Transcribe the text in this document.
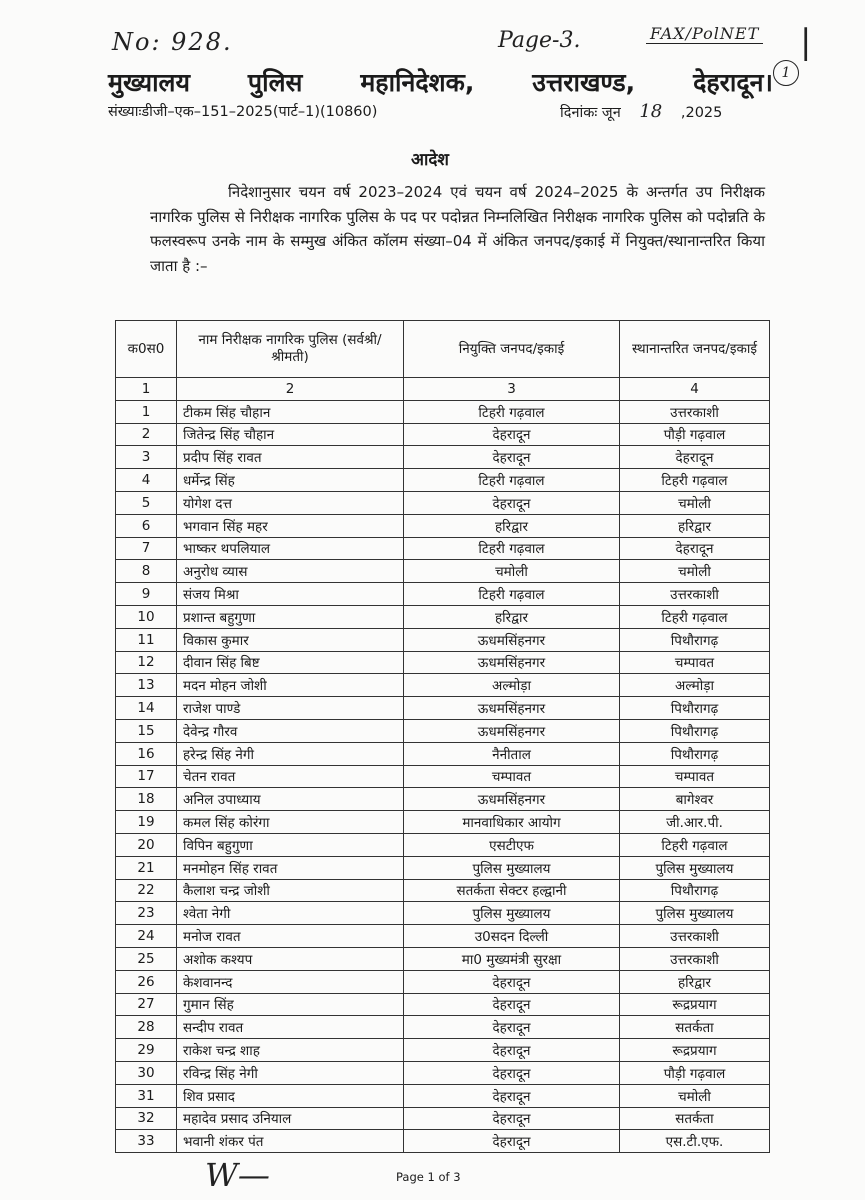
No: 928.	Page-3.	FAX/PolNET |
1
मुख्यालय पुलिस महानिदेशक, उत्तराखण्ड, देहरादून।
संख्याःडीजी–एक–151–2025(पार्ट–1)(10860)	दिनांकः जून 18 ,2025
आदेश
निदेशानुसार चयन वर्ष 2023–2024 एवं चयन वर्ष 2024–2025 के अन्तर्गत उप निरीक्षक नागरिक पुलिस से निरीक्षक नागरिक पुलिस के पद पर पदोन्नत निम्नलिखित निरीक्षक नागरिक पुलिस को पदोन्नति के फलस्वरूप उनके नाम के सम्मुख अंकित कॉलम संख्या–04 में अंकित जनपद/इकाई में नियुक्त/स्थानान्तरित किया जाता है :–
क0स0	नाम निरीक्षक नागरिक पुलिस (सर्वश्री/श्रीमती)	नियुक्ति जनपद/इकाई	स्थानान्तरित जनपद/इकाई
1	2	3	4
1	टीकम सिंह चौहान	टिहरी गढ़वाल	उत्तरकाशी
2	जितेन्द्र सिंह चौहान	देहरादून	पौड़ी गढ़वाल
3	प्रदीप सिंह रावत	देहरादून	देहरादून
4	धर्मेन्द्र सिंह	टिहरी गढ़वाल	टिहरी गढ़वाल
5	योगेश दत्त	देहरादून	चमोली
6	भगवान सिंह महर	हरिद्वार	हरिद्वार
7	भाष्कर थपलियाल	टिहरी गढ़वाल	देहरादून
8	अनुरोध व्यास	चमोली	चमोली
9	संजय मिश्रा	टिहरी गढ़वाल	उत्तरकाशी
10	प्रशान्त बहुगुणा	हरिद्वार	टिहरी गढ़वाल
11	विकास कुमार	ऊधमसिंहनगर	पिथौरागढ़
12	दीवान सिंह बिष्ट	ऊधमसिंहनगर	चम्पावत
13	मदन मोहन जोशी	अल्मोड़ा	अल्मोड़ा
14	राजेश पाण्डे	ऊधमसिंहनगर	पिथौरागढ़
15	देवेन्द्र गौरव	ऊधमसिंहनगर	पिथौरागढ़
16	हरेन्द्र सिंह नेगी	नैनीताल	पिथौरागढ़
17	चेतन रावत	चम्पावत	चम्पावत
18	अनिल उपाध्याय	ऊधमसिंहनगर	बागेश्वर
19	कमल सिंह कोरंगा	मानवाधिकार आयोग	जी.आर.पी.
20	विपिन बहुगुणा	एसटीएफ	टिहरी गढ़वाल
21	मनमोहन सिंह रावत	पुलिस मुख्यालय	पुलिस मुख्यालय
22	कैलाश चन्द्र जोशी	सतर्कता सेक्टर हल्द्वानी	पिथौरागढ़
23	श्वेता नेगी	पुलिस मुख्यालय	पुलिस मुख्यालय
24	मनोज रावत	उ0सदन दिल्ली	उत्तरकाशी
25	अशोक कश्यप	मा0 मुख्यमंत्री सुरक्षा	उत्तरकाशी
26	केशवानन्द	देहरादून	हरिद्वार
27	गुमान सिंह	देहरादून	रूद्रप्रयाग
28	सन्दीप रावत	देहरादून	सतर्कता
29	राकेश चन्द्र शाह	देहरादून	रूद्रप्रयाग
30	रविन्द्र सिंह नेगी	देहरादून	पौड़ी गढ़वाल
31	शिव प्रसाद	देहरादून	चमोली
32	महादेव प्रसाद उनियाल	देहरादून	सतर्कता
33	भवानी शंकर पंत	देहरादून	एस.टी.एफ.
W—	Page 1 of 3
